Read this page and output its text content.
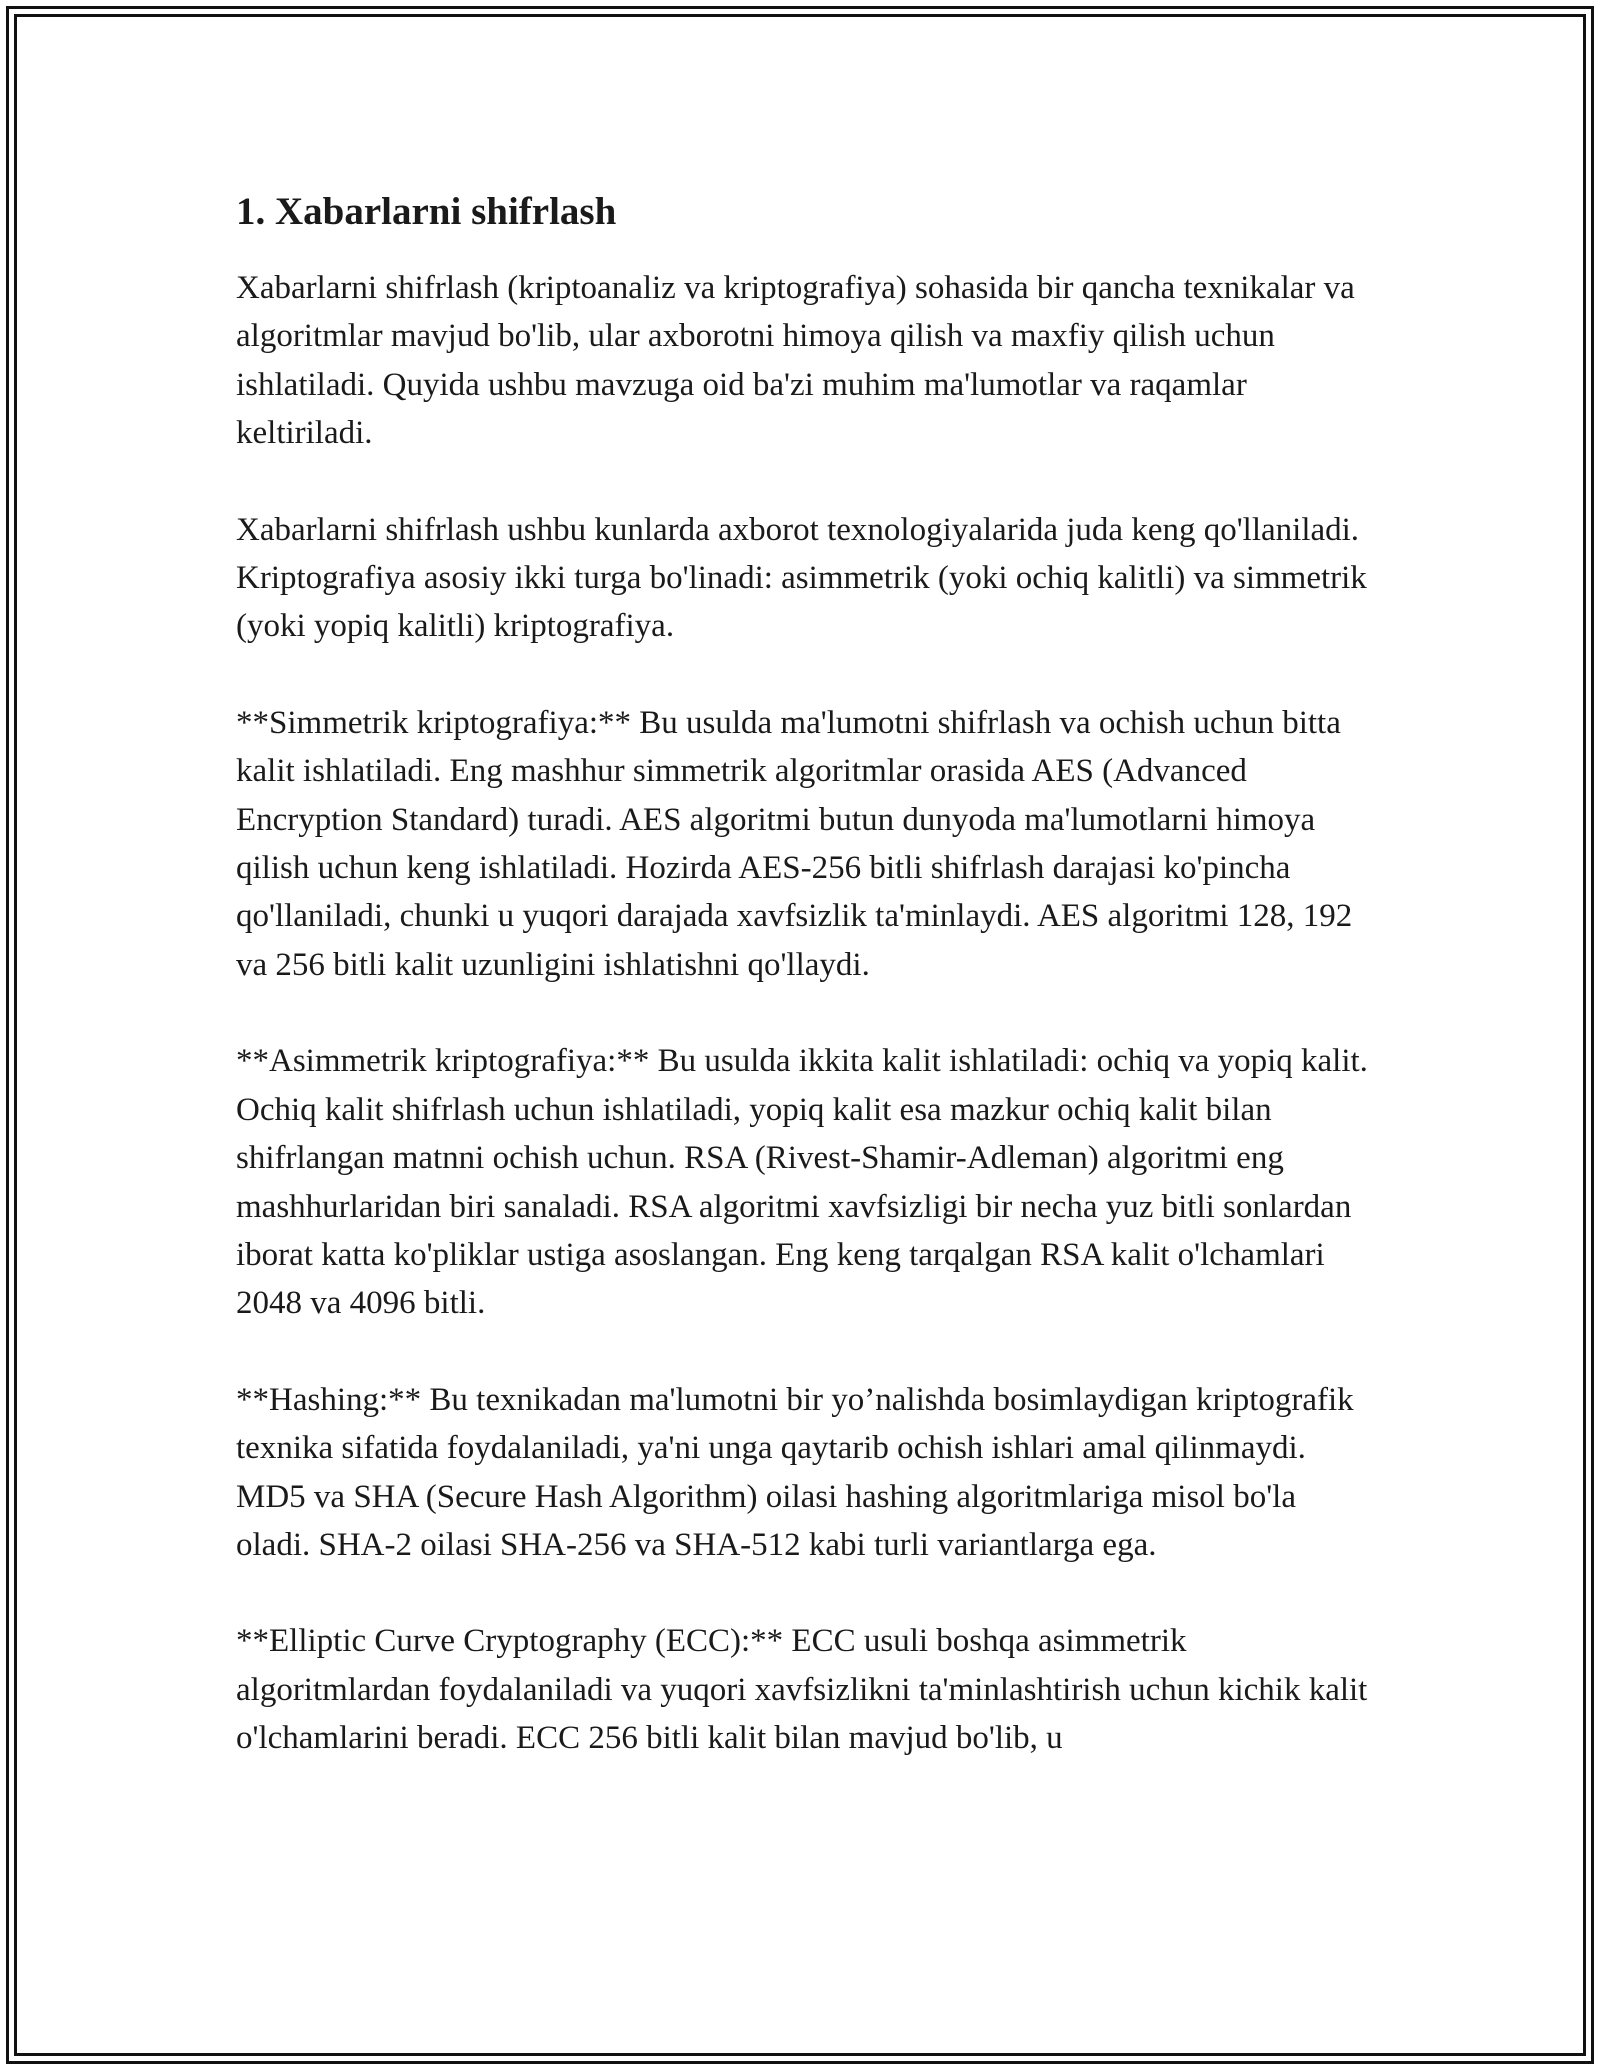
1. Xabarlarni shifrlash

Xabarlarni shifrlash (kriptoanaliz va kriptografiya) sohasida bir qancha texnikalar va algoritmlar mavjud bo'lib, ular axborotni himoya qilish va maxfiy qilish uchun ishlatiladi. Quyida ushbu mavzuga oid ba'zi muhim ma'lumotlar va raqamlar keltiriladi.

Xabarlarni shifrlash ushbu kunlarda axborot texnologiyalarida juda keng qo'llaniladi. Kriptografiya asosiy ikki turga bo'linadi: asimmetrik (yoki ochiq kalitli) va simmetrik (yoki yopiq kalitli) kriptografiya.

**Simmetrik kriptografiya:** Bu usulda ma'lumotni shifrlash va ochish uchun bitta kalit ishlatiladi. Eng mashhur simmetrik algoritmlar orasida AES (Advanced Encryption Standard) turadi. AES algoritmi butun dunyoda ma'lumotlarni himoya qilish uchun keng ishlatiladi. Hozirda AES-256 bitli shifrlash darajasi ko'pincha qo'llaniladi, chunki u yuqori darajada xavfsizlik ta'minlaydi. AES algoritmi 128, 192 va 256 bitli kalit uzunligini ishlatishni qo'llaydi.

**Asimmetrik kriptografiya:** Bu usulda ikkita kalit ishlatiladi: ochiq va yopiq kalit. Ochiq kalit shifrlash uchun ishlatiladi, yopiq kalit esa mazkur ochiq kalit bilan shifrlangan matnni ochish uchun. RSA (Rivest-Shamir-Adleman) algoritmi eng mashhurlaridan biri sanaladi. RSA algoritmi xavfsizligi bir necha yuz bitli sonlardan iborat katta ko'pliklar ustiga asoslangan. Eng keng tarqalgan RSA kalit o'lchamlari 2048 va 4096 bitli.

**Hashing:** Bu texnikadan ma'lumotni bir yo’nalishda bosimlaydigan kriptografik texnika sifatida foydalaniladi, ya'ni unga qaytarib ochish ishlari amal qilinmaydi. MD5 va SHA (Secure Hash Algorithm) oilasi hashing algoritmlariga misol bo'la oladi. SHA-2 oilasi SHA-256 va SHA-512 kabi turli variantlarga ega.

**Elliptic Curve Cryptography (ECC):** ECC usuli boshqa asimmetrik algoritmlardan foydalaniladi va yuqori xavfsizlikni ta'minlashtirish uchun kichik kalit o'lchamlarini beradi. ECC 256 bitli kalit bilan mavjud bo'lib, u
